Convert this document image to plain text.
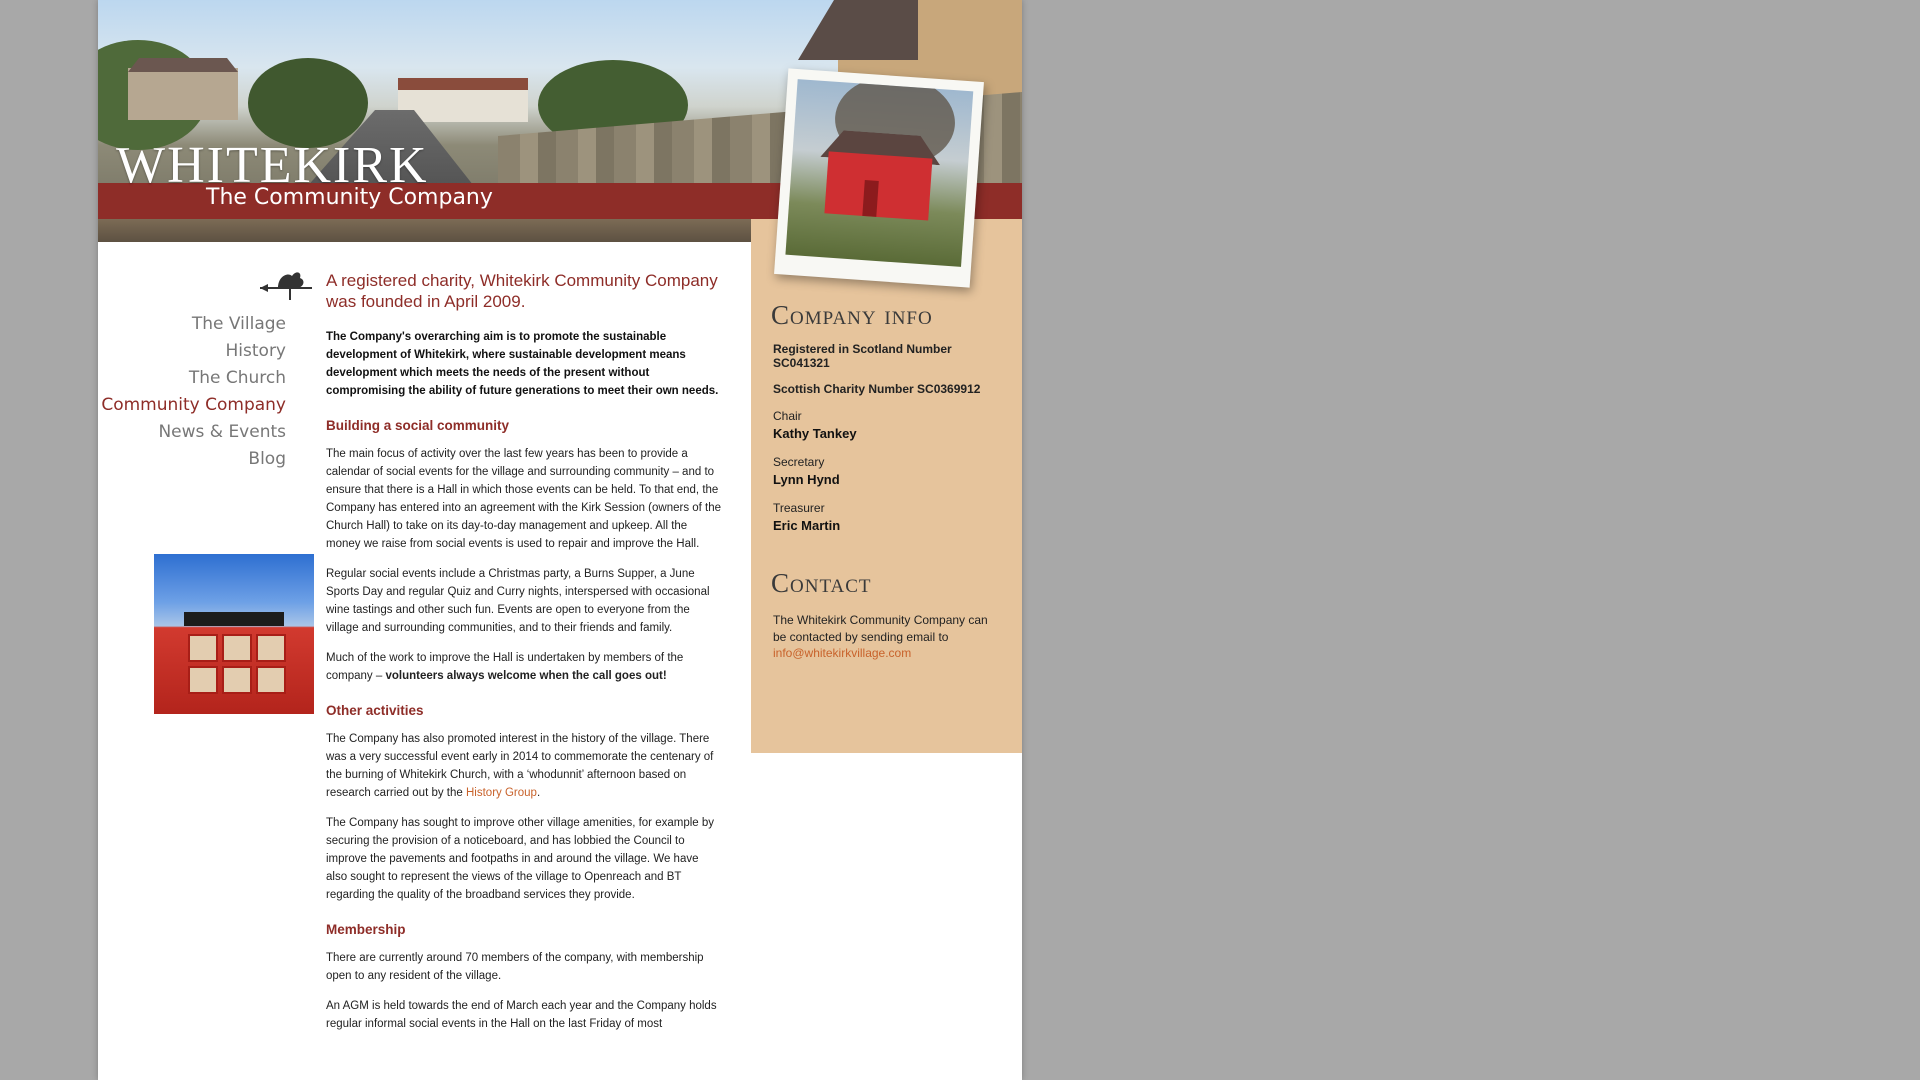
WHITEKIRK
The Community Company
Company info
Registered in Scotland Number SC041321
Scottish Charity Number SC0369912
Chair
Kathy Tankey
Secretary
Lynn Hynd
Treasurer
Eric Martin
Contact
The Whitekirk Community Company can be contacted by sending email to
info@whitekirkvillage.com
The Village
History
The Church
Community Company
News & Events
Blog
A registered charity, Whitekirk Community Company was founded in April 2009.

The Company's overarching aim is to promote the sustainable development of Whitekirk, where sustainable development means development which meets the needs of the present without compromising the ability of future generations to meet their own needs.

Building a social community

The main focus of activity over the last few years has been to provide a calendar of social events for the village and surrounding community – and to ensure that there is a Hall in which those events can be held. To that end, the Company has entered into an agreement with the Kirk Session (owners of the Church Hall) to take on its day-to-day management and upkeep. All the money we raise from social events is used to repair and improve the Hall.

Regular social events include a Christmas party, a Burns Supper, a June Sports Day and regular Quiz and Curry nights, interspersed with occasional wine tastings and other such fun. Events are open to everyone from the village and surrounding communities, and to their friends and family.

Much of the work to improve the Hall is undertaken by members of the company – volunteers always welcome when the call goes out!

Other activities

The Company has also promoted interest in the history of the village. There was a very successful event early in 2014 to commemorate the centenary of the burning of Whitekirk Church, with a ‘whodunnit’ afternoon based on research carried out by the History Group.

The Company has sought to improve other village amenities, for example by securing the provision of a noticeboard, and has lobbied the Council to improve the pavements and footpaths in and around the village. We have also sought to represent the views of the village to Openreach and BT regarding the quality of the broadband services they provide.

Membership

There are currently around 70 members of the company, with membership open to any resident of the village.

An AGM is held towards the end of March each year and the Company holds regular informal social events in the Hall on the last Friday of most
